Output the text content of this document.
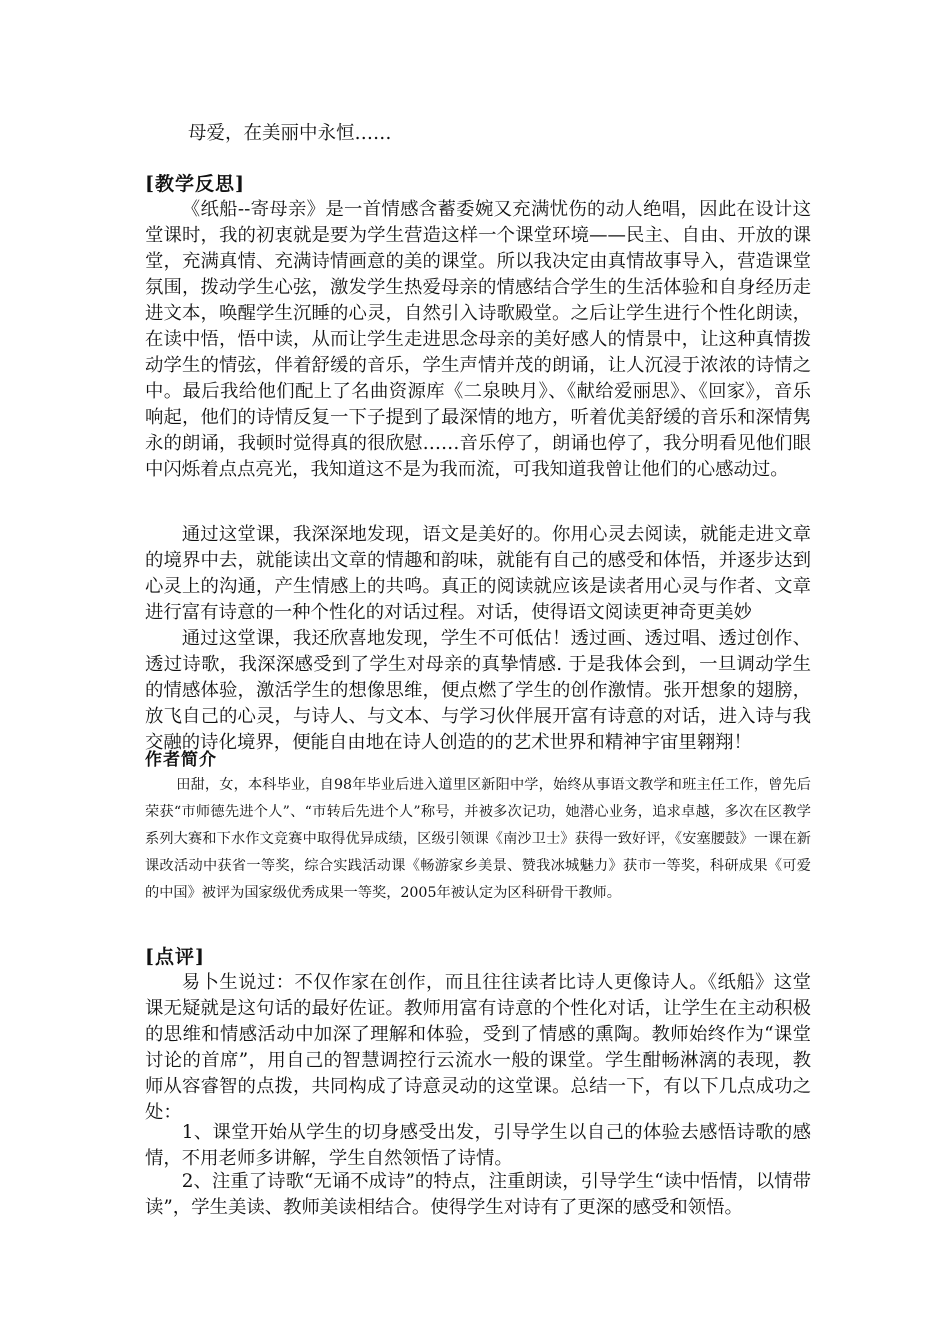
母爱，在美丽中永恒……
[教学反思]

《纸船--寄母亲》是一首情感含蓄委婉又充满忧伤的动人绝唱，因此在设计这堂课时，我的初衷就是要为学生营造这样一个课堂环境——民主、自由、开放的课堂，充满真情、充满诗情画意的美的课堂。所以我决定由真情故事导入，营造课堂氛围，拨动学生心弦，激发学生热爱母亲的情感结合学生的生活体验和自身经历走进文本，唤醒学生沉睡的心灵，自然引入诗歌殿堂。之后让学生进行个性化朗读，在读中悟，悟中读，从而让学生走进思念母亲的美好感人的情景中，让这种真情拨动学生的情弦，伴着舒缓的音乐，学生声情并茂的朗诵，让人沉浸于浓浓的诗情之中。最后我给他们配上了名曲资源库《二泉映月》、《献给爱丽思》、《回家》，音乐响起，他们的诗情反复一下子提到了最深情的地方，听着优美舒缓的音乐和深情隽永的朗诵，我顿时觉得真的很欣慰……音乐停了，朗诵也停了，我分明看见他们眼中闪烁着点点亮光，我知道这不是为我而流，可我知道我曾让他们的心感动过。

通过这堂课，我深深地发现，语文是美好的。你用心灵去阅读，就能走进文章的境界中去，就能读出文章的情趣和韵味，就能有自己的感受和体悟，并逐步达到心灵上的沟通，产生情感上的共鸣。真正的阅读就应该是读者用心灵与作者、文章进行富有诗意的一种个性化的对话过程。对话，使得语文阅读更神奇更美妙

通过这堂课，我还欣喜地发现，学生不可低估！透过画、透过唱、透过创作、透过诗歌，我深深感受到了学生对母亲的真挚情感. 于是我体会到，一旦调动学生的情感体验，激活学生的想像思维，便点燃了学生的创作激情。张开想象的翅膀，放飞自己的心灵，与诗人、与文本、与学习伙伴展开富有诗意的对话，进入诗与我交融的诗化境界，便能自由地在诗人创造的的艺术世界和精神宇宙里翱翔！

作者简介

田甜，女，本科毕业，自98年毕业后进入道里区新阳中学，始终从事语文教学和班主任工作，曾先后荣获“市师德先进个人”、“市转后先进个人”称号，并被多次记功，她潜心业务，追求卓越，多次在区教学系列大赛和下水作文竞赛中取得优异成绩，区级引领课《南沙卫士》获得一致好评，《安塞腰鼓》一课在新课改活动中获省一等奖，综合实践活动课《畅游家乡美景、赞我冰城魅力》获市一等奖，科研成果《可爱的中国》被评为国家级优秀成果一等奖，2005年被认定为区科研骨干教师。

[点评]

易卜生说过：不仅作家在创作，而且往往读者比诗人更像诗人。《纸船》这堂课无疑就是这句话的最好佐证。教师用富有诗意的个性化对话，让学生在主动积极的思维和情感活动中加深了理解和体验，受到了情感的熏陶。教师始终作为“课堂讨论的首席”，用自己的智慧调控行云流水一般的课堂。学生酣畅淋漓的表现，教师从容睿智的点拨，共同构成了诗意灵动的这堂课。总结一下，有以下几点成功之处：

1、课堂开始从学生的切身感受出发，引导学生以自己的体验去感悟诗歌的感情，不用老师多讲解，学生自然领悟了诗情。

2、注重了诗歌“无诵不成诗”的特点，注重朗读，引导学生“读中悟情，以情带读”，学生美读、教师美读相结合。使得学生对诗有了更深的感受和领悟。
